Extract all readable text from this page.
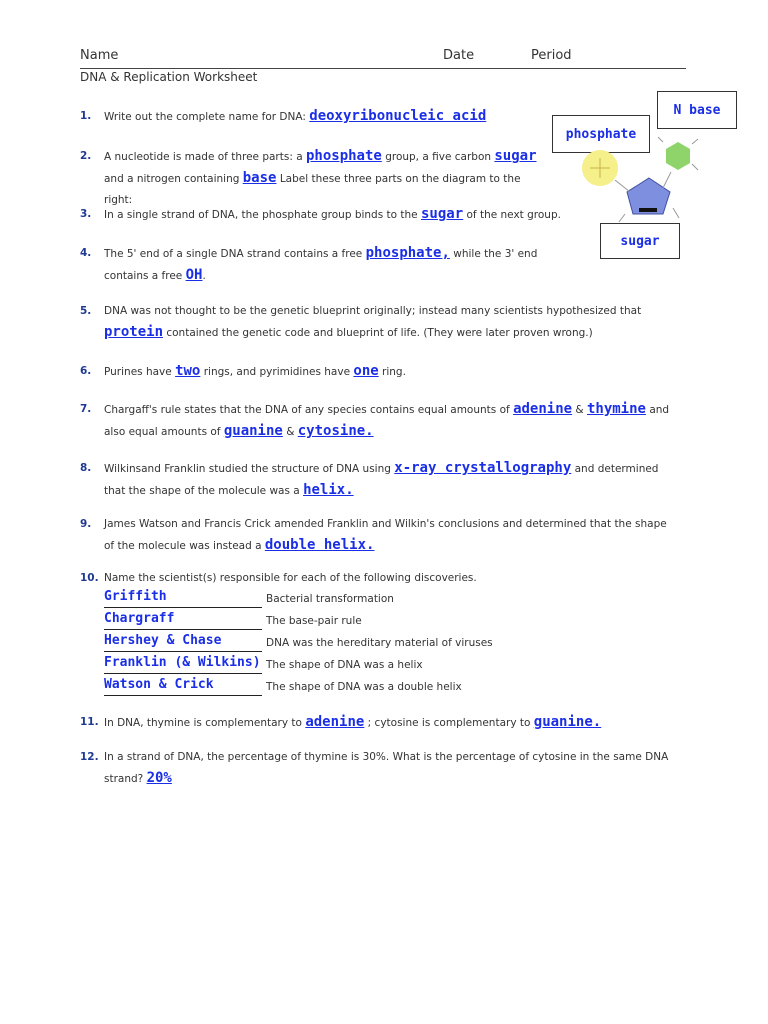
Name	Date	Period
DNA & Replication Worksheet
N base
phosphate
sugar
1.	Write out the complete name for DNA: deoxyribonucleic acid
2.	A nucleotide is made of three parts: a phosphate group, a five carbon sugar and a nitrogen containing base Label these three parts on the diagram to the right:
3.	In a single strand of DNA, the phosphate group binds to the sugar of the next group.
4.	The 5' end of a single DNA strand contains a free phosphate, while the 3' end contains a free OH.
5.	DNA was not thought to be the genetic blueprint originally; instead many scientists hypothesized that protein contained the genetic code and blueprint of life. (They were later proven wrong.)
6.	Purines have two rings, and pyrimidines have one ring.
7.	Chargaff's rule states that the DNA of any species contains equal amounts of adenine & thymine and also equal amounts of guanine & cytosine.
8.	Wilkinsand Franklin studied the structure of DNA using x-ray crystallography and determined that the shape of the molecule was a helix.
9.	James Watson and Francis Crick amended Franklin and Wilkin's conclusions and determined that the shape of the molecule was instead a double helix.
10. Name the scientist(s) responsible for each of the following discoveries.
Griffith	Bacterial transformation
Chargraff	The base-pair rule
Hershey & Chase	DNA was the hereditary material of viruses
Franklin (& Wilkins) The shape of DNA was a helix
Watson & Crick	The shape of DNA was a double helix
11. In DNA, thymine is complementary to adenine ; cytosine is complementary to guanine.
12. In a strand of DNA, the percentage of thymine is 30%. What is the percentage of cytosine in the same DNA strand? 20%
